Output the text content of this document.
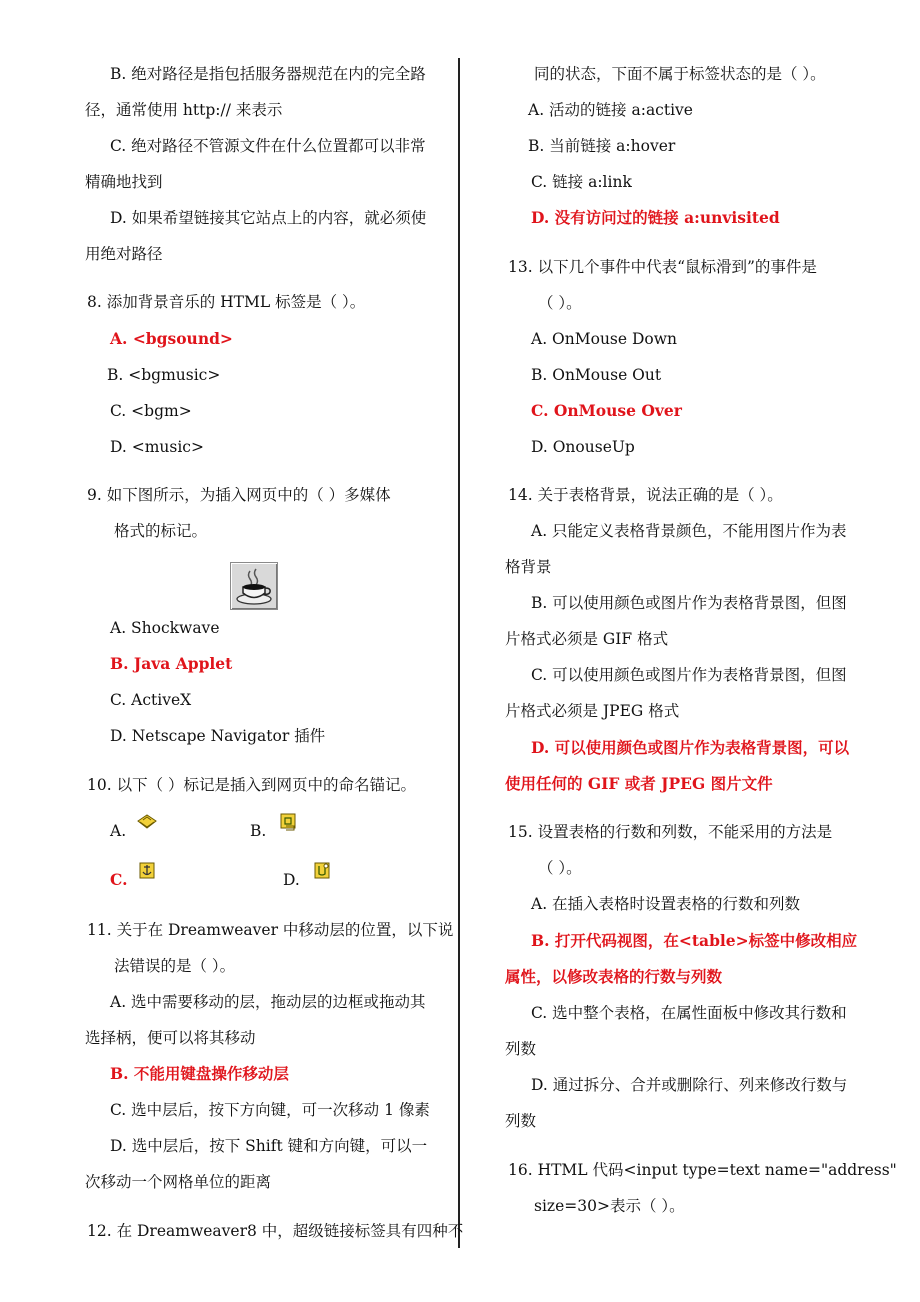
B. 绝对路径是指包括服务器规范在内的完全路
径，通常使用 http:// 来表示
C. 绝对路径不管源文件在什么位置都可以非常
精确地找到
D. 如果希望链接其它站点上的内容，就必须使
用绝对路径
8. 添加背景音乐的 HTML 标签是（ ）。
A. <bgsound>
B. <bgmusic>
C. <bgm>
D. <music>
9. 如下图所示，为插入网页中的（ ）多媒体
格式的标记。
A. Shockwave
B. Java Applet
C. ActiveX
D. Netscape Navigator 插件
10. 以下（ ）标记是插入到网页中的命名锚记。
A.	B.
C.	D.
11. 关于在 Dreamweaver 中移动层的位置，以下说
法错误的是（ ）。
A. 选中需要移动的层，拖动层的边框或拖动其
选择柄，便可以将其移动
B. 不能用键盘操作移动层
C. 选中层后，按下方向键，可一次移动 1 像素
D. 选中层后，按下 Shift 键和方向键，可以一
次移动一个网格单位的距离
12. 在 Dreamweaver8 中，超级链接标签具有四种不
同的状态，下面不属于标签状态的是（ ）。
A. 活动的链接 a:active
B. 当前链接 a:hover
C. 链接 a:link
D. 没有访问过的链接 a:unvisited
13. 以下几个事件中代表“鼠标滑到”的事件是
（ ）。
A. OnMouse Down
B. OnMouse Out
C. OnMouse Over
D. OnouseUp
14. 关于表格背景，说法正确的是（ ）。
A. 只能定义表格背景颜色，不能用图片作为表
格背景
B. 可以使用颜色或图片作为表格背景图，但图
片格式必须是 GIF 格式
C. 可以使用颜色或图片作为表格背景图，但图
片格式必须是 JPEG 格式
D. 可以使用颜色或图片作为表格背景图，可以
使用任何的 GIF 或者 JPEG 图片文件
15. 设置表格的行数和列数，不能采用的方法是
（ ）。
A. 在插入表格时设置表格的行数和列数
B. 打开代码视图，在<table>标签中修改相应
属性，以修改表格的行数与列数
C. 选中整个表格，在属性面板中修改其行数和
列数
D. 通过拆分、合并或删除行、列来修改行数与
列数
16. HTML 代码<input type=text name="address"
size=30>表示（ ）。
